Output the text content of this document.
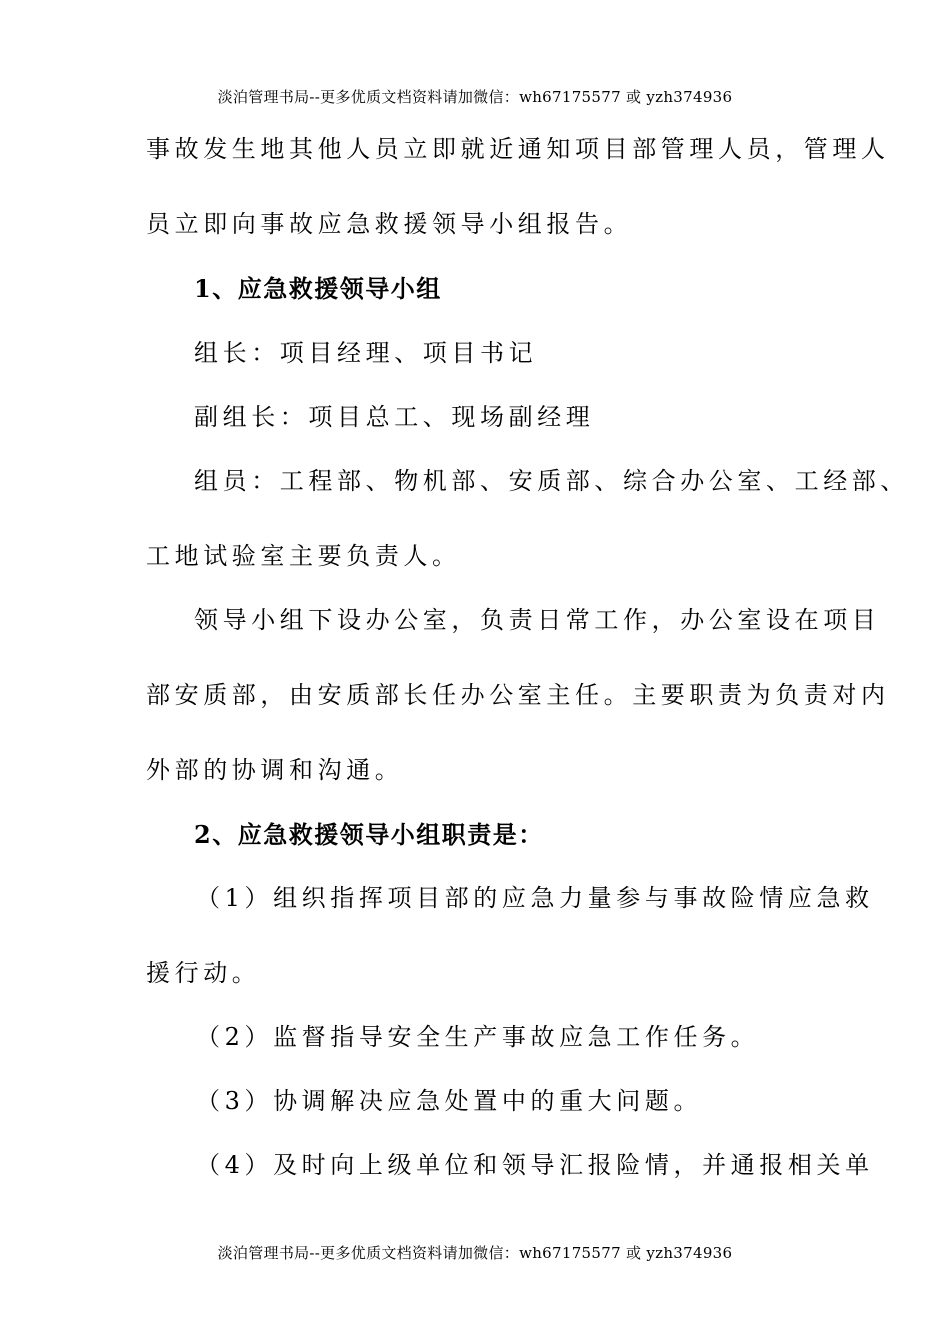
淡泊管理书局--更多优质文档资料请加微信：wh67175577 或 yzh374936
事故发生地其他人员立即就近通知项目部管理人员，管理人
员立即向事故应急救援领导小组报告。
1、应急救援领导小组
组长：项目经理、项目书记
副组长：项目总工、现场副经理
组员：工程部、物机部、安质部、综合办公室、工经部、
工地试验室主要负责人。
领导小组下设办公室，负责日常工作，办公室设在项目
部安质部，由安质部长任办公室主任。主要职责为负责对内
外部的协调和沟通。
2、应急救援领导小组职责是：
（1）组织指挥项目部的应急力量参与事故险情应急救
援行动。
（2）监督指导安全生产事故应急工作任务。
（3）协调解决应急处置中的重大问题。
（4）及时向上级单位和领导汇报险情，并通报相关单
淡泊管理书局--更多优质文档资料请加微信：wh67175577 或 yzh374936
